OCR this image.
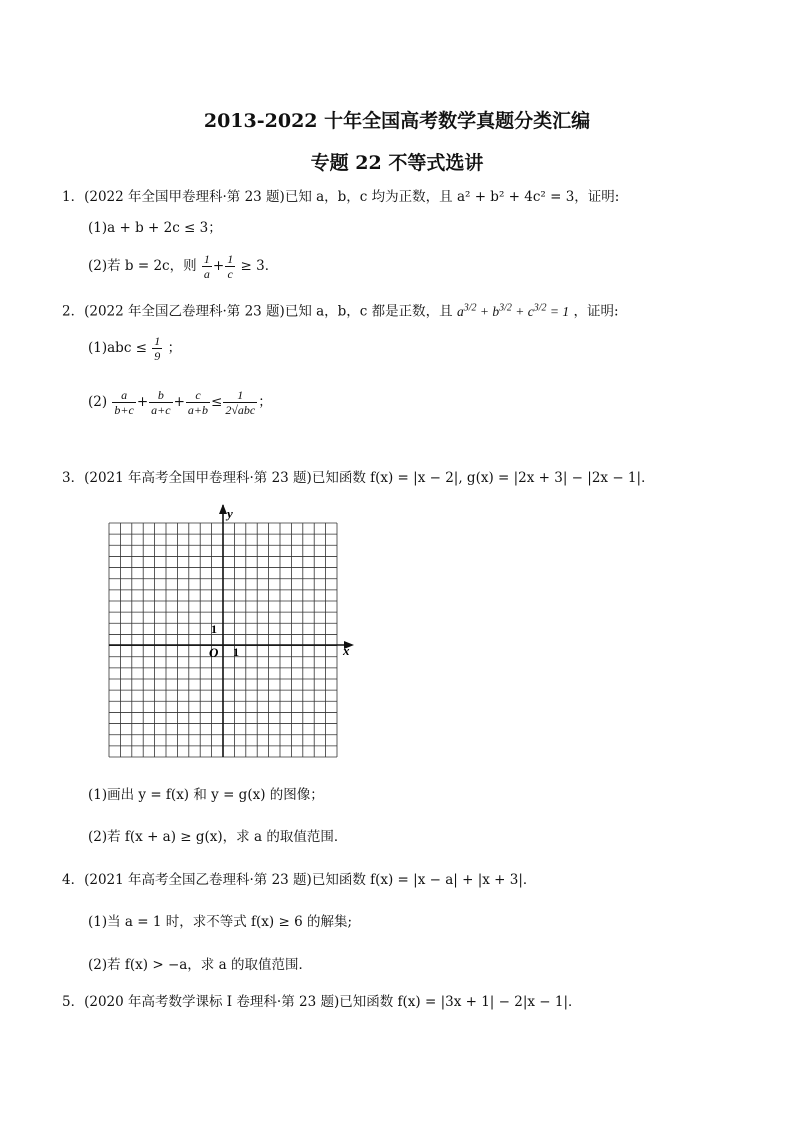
2013-2022 十年全国高考数学真题分类汇编
专题 22 不等式选讲
1．(2022 年全国甲卷理科·第 23 题)已知 a，b，c 均为正数，且 a² + b² + 4c² = 3，证明:
(1)a + b + 2c ≤ 3；
(2)若 b = 2c，则 $\frac{1}{a} + \frac{1}{c} \ge 3$．
2．(2022 年全国乙卷理科·第 23 题)已知 a，b，c 都是正数，且 $a^{3/2} + b^{3/2} + c^{3/2} = 1$ ，证明:
$(1)abc \le \frac{1}{9}$ ；
$(2) \frac{a}{b+c} + \frac{b}{a+c} + \frac{c}{a+b} \le \frac{1}{\text{2√abc}}$ ；
3．(2021 年高考全国甲卷理科·第 23 题)已知函数 f(x) = |x − 2|, g(x) = |2x + 3| − |2x − 1|．
y
x
O 1
1
(1)画出 y = f(x) 和 y = g(x) 的图像；
(2)若 f(x + a) ≥ g(x)，求 a 的取值范围．
4．(2021 年高考全国乙卷理科·第 23 题)已知函数 f(x) = |x − a| + |x + 3|．
(1)当 a = 1 时，求不等式 f(x) ≥ 6 的解集;
(2)若 f(x) > −a，求 a 的取值范围．
5．(2020 年高考数学课标 Ⅰ 卷理科·第 23 题)已知函数 f(x) = |3x + 1| − 2|x − 1|．
